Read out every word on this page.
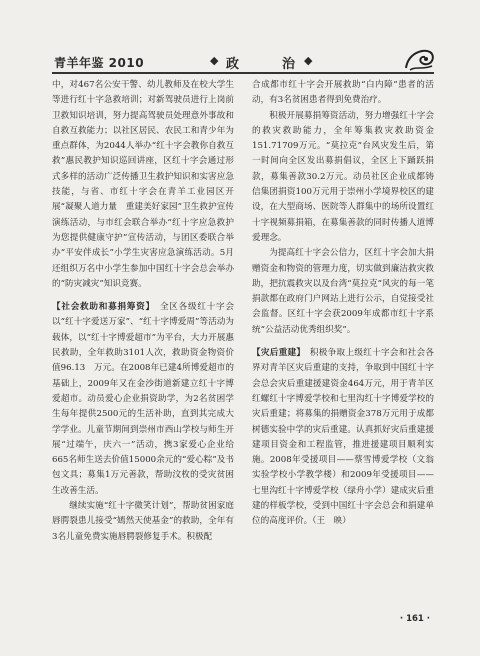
青羊年鉴 2010	◆ 政	治 ◆

中，对467名公安干警、幼儿教师及在校大学生等进行红十字急救培训；对新驾驶员进行上岗前卫救知识培训，努力提高驾驶员处理意外事故和自救互救能力；以社区居民、农民工和青少年为重点群体，为2044人举办“红十字会教你自救互救”惠民教护知识巡回讲座，区红十字会通过形式多样的活动广泛传播卫生救护知识和实害应急技能，与省、市红十字会在青羊工业园区开展“凝聚人道力量　重建美好家园”卫生救护宣传演练活动，与市红会联合举办“红十字应急救护为您提供健康守护”宣传活动，与团区委联合举办“平安伴成长”小学生灾害应急演练活动。5月还组织万名中小学生参加中国红十字会总会举办的“防灾减灾”知识竞赛。

【社会救助和募捐筹资】　 全区各级红十字会以“红十字爱送万家”、“红十字博爱周”等活动为载体，以“红十字博爱超市”为平台，大力开展惠民救助，全年救助3101人次，救助资金物资价值96.13　万元。在2008年已建4所博爱超市的基础上，2009年又在金沙街道新建立红十字博爱超市。动员爱心企业捐资助学，为2名贫困学生每年提供2500元的生活补助，直到其完成大学学业。儿童节期间到崇州市西山学校与师生开展“过端午，庆六一”活动，携3家爱心企业给665名师生送去价值15000余元的“爱心粽”及书包文具；募集1万元善款，帮助汶枚的受灾贫困生改善生活。

继续实施“红十字微笑计划”，帮助贫困家庭唇腭裂患儿接受“嫣然天使基金”的救助，全年有3名儿童免费实施唇腭裂修复手术。积极配

合成都市红十字会开展救助“白内障”患者的活动，有3名贫困患者得到免费治疗。

积极开展募捐筹资活动，努力增强红十字会的救灾救助能力，全年筹集救灾救助资金151.71709万元。“莫拉克”台风灾发生后，第一时间向全区发出募捐倡议，全区上下踊跃捐款，募集善款30.2万元。动员社区企业成都铸信集团捐资100万元用于崇州小学境界校区的建设，在大型商场、医院等人群集中的场所设置红十字视频募捐箱，在募集善款的同时传播人道博爱理念。

为提高红十字会公信力，区红十字会加大捐赠资金和物资的管理力度，切实做到廉洁救灾救助，把抗震救灾以及台湾“莫拉克”风灾的每一笔捐款都在政府门户网站上进行公示，自觉接受社会监督。区红十字会获2009年成都市红十字系统“公益活动优秀组织奖”。

【灾后重建】　 积极争取上级红十字会和社会各界对青羊区灾后重建的支持，争取到中国红十字会总会灾后重建援建资金464万元，用于青羊区红螺红十字博爱学校和七里沟红十字博爱学校的灾后重建；将募集的捐赠资金378万元用于成都树德实验中学的灾后重建。认真抓好灾后重建援建项目资金和工程监管，推进援建项目顺利实施。2008年受援项目——蔡雪博爱学校（文翁实验学校小学教学楼）和2009年受援项目——七里沟红十字博爱学校（绿舟小学）建成灾后重建的样板学校，受到中国红十字会总会和捐建单位的高度评价。（王　映）

· 161 ·
